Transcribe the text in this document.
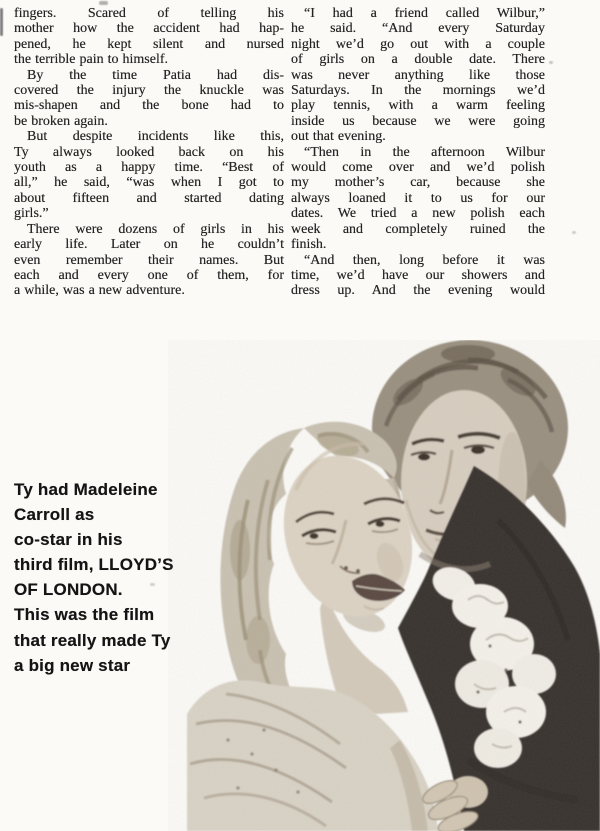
fingers. Scared of telling his
mother how the accident had hap-
pened, he kept silent and nursed
the terrible pain to himself.
By the time Patia had dis-
covered the injury the knuckle was
mis-shapen and the bone had to
be broken again.
But despite incidents like this,
Ty always looked back on his
youth as a happy time. “Best of
all,” he said, “was when I got to
about fifteen and started dating
girls.”
There were dozens of girls in his
early life. Later on he couldn’t
even remember their names. But
each and every one of them, for
a while, was a new adventure.
“I had a friend called Wilbur,”
he said. “And every Saturday
night we’d go out with a couple
of girls on a double date. There
was never anything like those
Saturdays. In the mornings we’d
play tennis, with a warm feeling
inside us because we were going
out that evening.
“Then in the afternoon Wilbur
would come over and we’d polish
my mother’s car, because she
always loaned it to us for our
dates. We tried a new polish each
week and completely ruined the
finish.
“And then, long before it was
time, we’d have our showers and
dress up. And the evening would
Ty had Madeleine
Carroll as
co-star in his
third film, LLOYD’S
OF LONDON.
This was the film
that really made Ty
a big new star
